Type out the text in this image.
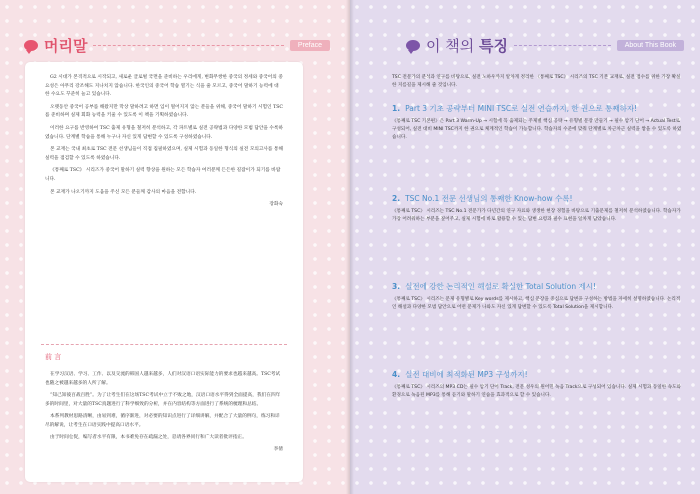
머리말	Preface

G2 시대가 본격적으로 시작되고, 새로운 글로벌 국면을 준비하는 우리에게, 변화무쌍한 중국의 정세와 중국어의 중요성은 아무리 강조해도 지나치지 않습니다. 한국인의 중국어 학습 열기는 식을 줄 모르고, 중국어 말하기 능력에 대한 수요도 꾸준히 늘고 있습니다.

오랫동안 중국어 공부를 해왔지만 막상 말하려고 하면 입이 떨어지지 않는 분들을 위해, 중국어 말하기 시험인 TSC를 준비하며 실제 회화 능력을 키울 수 있도록 이 책을 기획하였습니다.

이러한 요구를 반영하여 TSC 출제 유형을 철저히 분석하고, 각 파트별로 실전 공략법과 다양한 모범 답안을 수록하였습니다. 단계별 학습을 통해 누구나 자신 있게 답변할 수 있도록 구성하였습니다.

본 교재는 국내 최초로 TSC 전문 선생님들이 직접 집필하였으며, 실제 시험과 동일한 형식의 실전 모의고사를 통해 실력을 점검할 수 있도록 하였습니다.

《통째로 TSC》 시리즈가 중국어 말하기 실력 향상을 원하는 모든 학습자 여러분께 든든한 길잡이가 되기를 바랍니다.

본 교재가 나오기까지 도움을 주신 모든 분들께 감사의 마음을 전합니다.

장화숙

前 言

在学习汉语、学习、工作、以及交流的韩国人越来越多，人们对汉语口语实际能力的要求也越来越高。TSC考试也随之被越来越多的人所了解。

“知己知彼百战百胜”。为了让考生们在这场TSC考试中立于不败之地，汉语口语水平得到全面提高，我们在四年多的时间里，对大量的TSC真题进行了科学细致的分析，并在内容结构等方面进行了系统的梳理和总结。

本系列教材思路清晰，由易到难，循序渐进，对必要的知识点进行了详细讲解，并配合了大量的例句，练习和详尽的解说，让考生在口语实践中提高口语水平。

由于时间仓促，编写者水平有限，本书难免存在疏漏之处，恳请各界同行和广大读者批评指正。

李倩

이 책의 특징	About This Book
TSC 전문가의 분석과 연구를 바탕으로, 실전 노하우까지 알차게 정리한 《통째로 TSC》 시리즈의 TSC 기본 교재로, 실전 점수를 위한 가장 확실한 지름길을 제시해 줄 것입니다.
1. Part 3 기초 공략부터 MINI TSC로 실전 연습까지, 한 권으로 통째하자!
《통째로 TSC 기본편》은 Part 3 Warm-Up → 시험에 꼭 출제되는 주제별 핵심 공략 → 유형별 문장 만들기 → 필수 암기 단어 → Actual Test로 구성되어, 실전 대비 MINI TSC까지 한 권으로 체계적인 학습이 가능합니다. 학습자의 수준에 맞춰 단계별로 차근차근 실력을 쌓을 수 있도록 하였습니다.
2. TSC No.1 전문 선생님의 통째한 Know-how 수록!
《통째로 TSC》 시리즈는 TSC No.1 전문가가 다년간의 연구 자료와 생생한 현장 경험을 바탕으로 기출문제를 철저히 분석하였습니다. 학습자가 가장 어려워하는 부분을 짚어주고, 실제 시험에 바로 활용할 수 있는 답변 요령과 필수 표현을 알차게 담았습니다.
3. 실전에 강한 논리적인 해설로 확실한 Total Solution 제시!
《통째로 TSC》 시리즈는 문제 유형별로 Key words를 제시하고, 핵심 문장을 중심으로 답변을 구성하는 방법을 자세히 설명하였습니다. 논리적인 해설과 다양한 모범 답안으로 어떤 문제가 나와도 자신 있게 답변할 수 있도록 Total Solution을 제시합니다.
4. 실전 대비에 최적화된 MP3 구성까지!
《통째로 TSC》 시리즈의 MP3 CD는 필수 암기 단어 Track, 전문 성우의 원어민 녹음 Track으로 구성되어 있습니다. 실제 시험과 동일한 속도와 환경으로 녹음된 MP3를 통해 듣기와 말하기 연습을 효과적으로 할 수 있습니다.
